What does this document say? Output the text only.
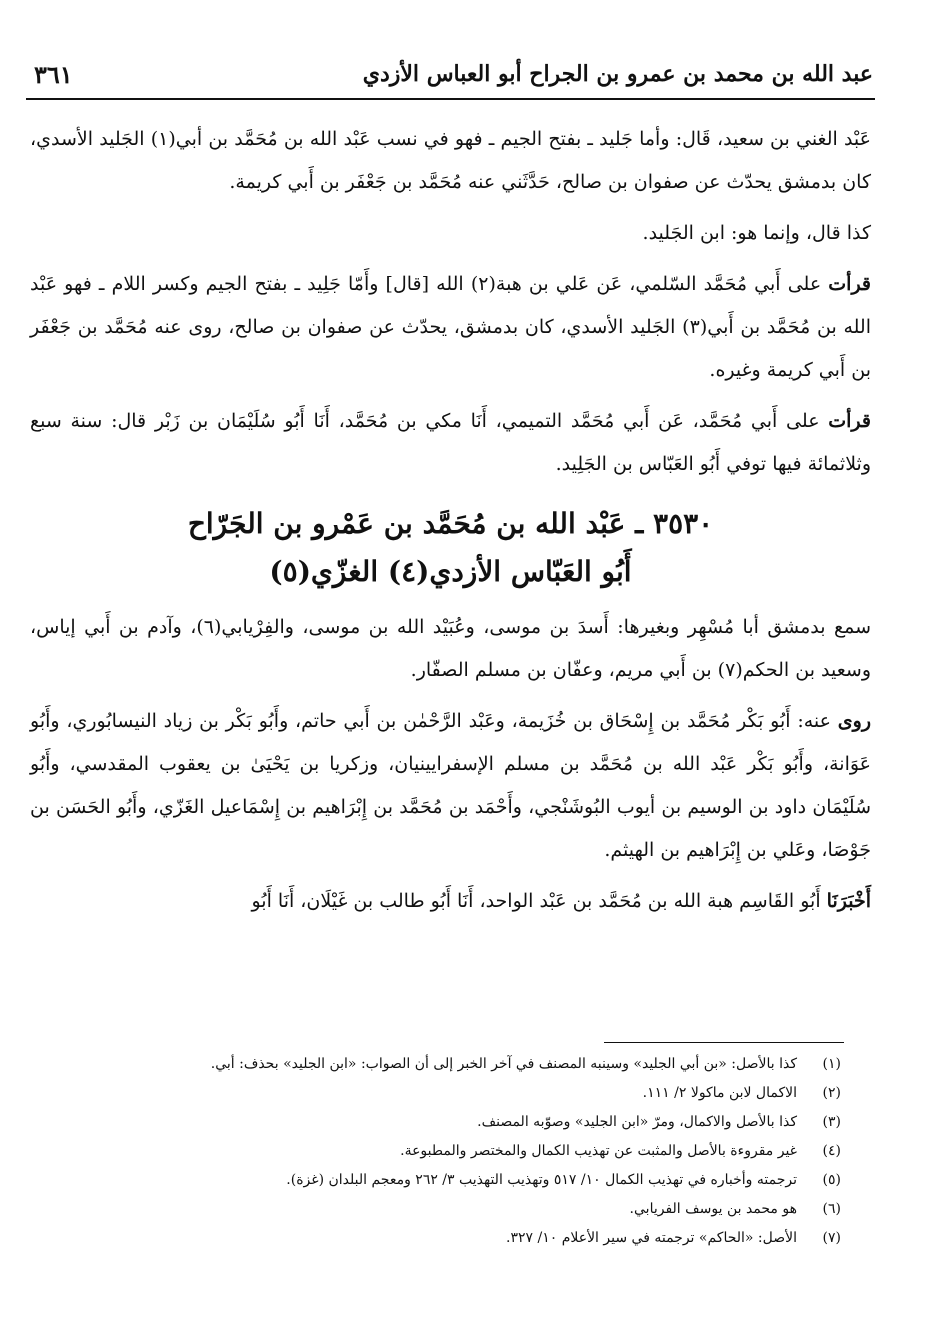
عبد الله بن محمد بن عمرو بن الجراح أبو العباس الأزدي
٣٦١

عَبْد الغني بن سعيد، قَال: وأما جَليد ـ بفتح الجيم ـ فهو في نسب عَبْد الله بن مُحَمَّد بن أبي(١) الجَليد الأسدي، كان بدمشق يحدّث عن صفوان بن صالح، حَدَّثَني عنه مُحَمَّد بن جَعْفَر بن أَبي كريمة.

كذا قال، وإنما هو: ابن الجَليد.

قرأت على أَبي مُحَمَّد السّلمي، عَن عَلي بن هبة(٢) الله [قال] وأَمّا جَلِيد ـ بفتح الجيم وكسر اللام ـ فهو عَبْد الله بن مُحَمَّد بن أَبي(٣) الجَليد الأسدي، كان بدمشق، يحدّث عن صفوان بن صالح، روى عنه مُحَمَّد بن جَعْفَر بن أَبي كريمة وغيره.

قرأت على أَبي مُحَمَّد، عَن أَبي مُحَمَّد التميمي، أَنَا مكي بن مُحَمَّد، أَنَا أَبُو سُلَيْمَان بن زَبْر قال: سنة سبع وثلاثمائة فيها توفي أَبُو العَبّاس بن الجَلِيد.

٣٥٣٠ ـ عَبْد الله بن مُحَمَّد بن عَمْرو بن الجَرّاح
أَبُو العَبّاس الأزدي(٤) الغزّي(٥)

سمع بدمشق أبا مُسْهِر وبغيرها: أَسدَ بن موسى، وعُبَيْد الله بن موسى، والفِرْيابي(٦)، وآدم بن أَبي إياس، وسعيد بن الحكم(٧) بن أَبي مريم، وعفّان بن مسلم الصفّار.

روى عنه: أَبُو بَكْر مُحَمَّد بن إِسْحَاق بن خُزَيمة، وعَبْد الرَّحْمٰن بن أَبي حاتم، وأَبُو بَكْر بن زياد النيسابُوري، وأَبُو عَوَانة، وأَبُو بَكْر عَبْد الله بن مُحَمَّد بن مسلم الإسفرايينيان، وزكريا بن يَحْيَىٰ بن يعقوب المقدسي، وأَبُو سُلَيْمَان داود بن الوسيم بن أيوب البُوشَنْجي، وأَحْمَد بن مُحَمَّد بن إِبْرَاهيم بن إِسْمَاعيل الغَزّي، وأَبُو الحَسَن بن جَوْصَا، وعَلي بن إِبْرَاهيم بن الهيثم.

أَخْبَرَنَا أَبُو القَاسِم هبة الله بن مُحَمَّد بن عَبْد الواحد، أَنَا أَبُو طالب بن غَيْلَان، أَنَا أَبُو

(١)
كذا بالأصل: «بن أبي الجليد» وسينبه المصنف في آخر الخبر إلى أن الصواب: «ابن الجليد» بحذف: أبي.
(٢)
الاكمال لابن ماكولا ٢/ ١١١.
(٣)
كذا بالأصل والاكمال، ومرّ «ابن الجليد» وصوّبه المصنف.
(٤)
غير مقروءة بالأصل والمثبت عن تهذيب الكمال والمختصر والمطبوعة.
(٥)
ترجمته وأخباره في تهذيب الكمال ١٠/ ٥١٧ وتهذيب التهذيب ٣/ ٢٦٢ ومعجم البلدان (غزة).
(٦)
هو محمد بن يوسف الفريابي.
(٧)
الأصل: «الحاكم» ترجمته في سير الأعلام ١٠/ ٣٢٧.
